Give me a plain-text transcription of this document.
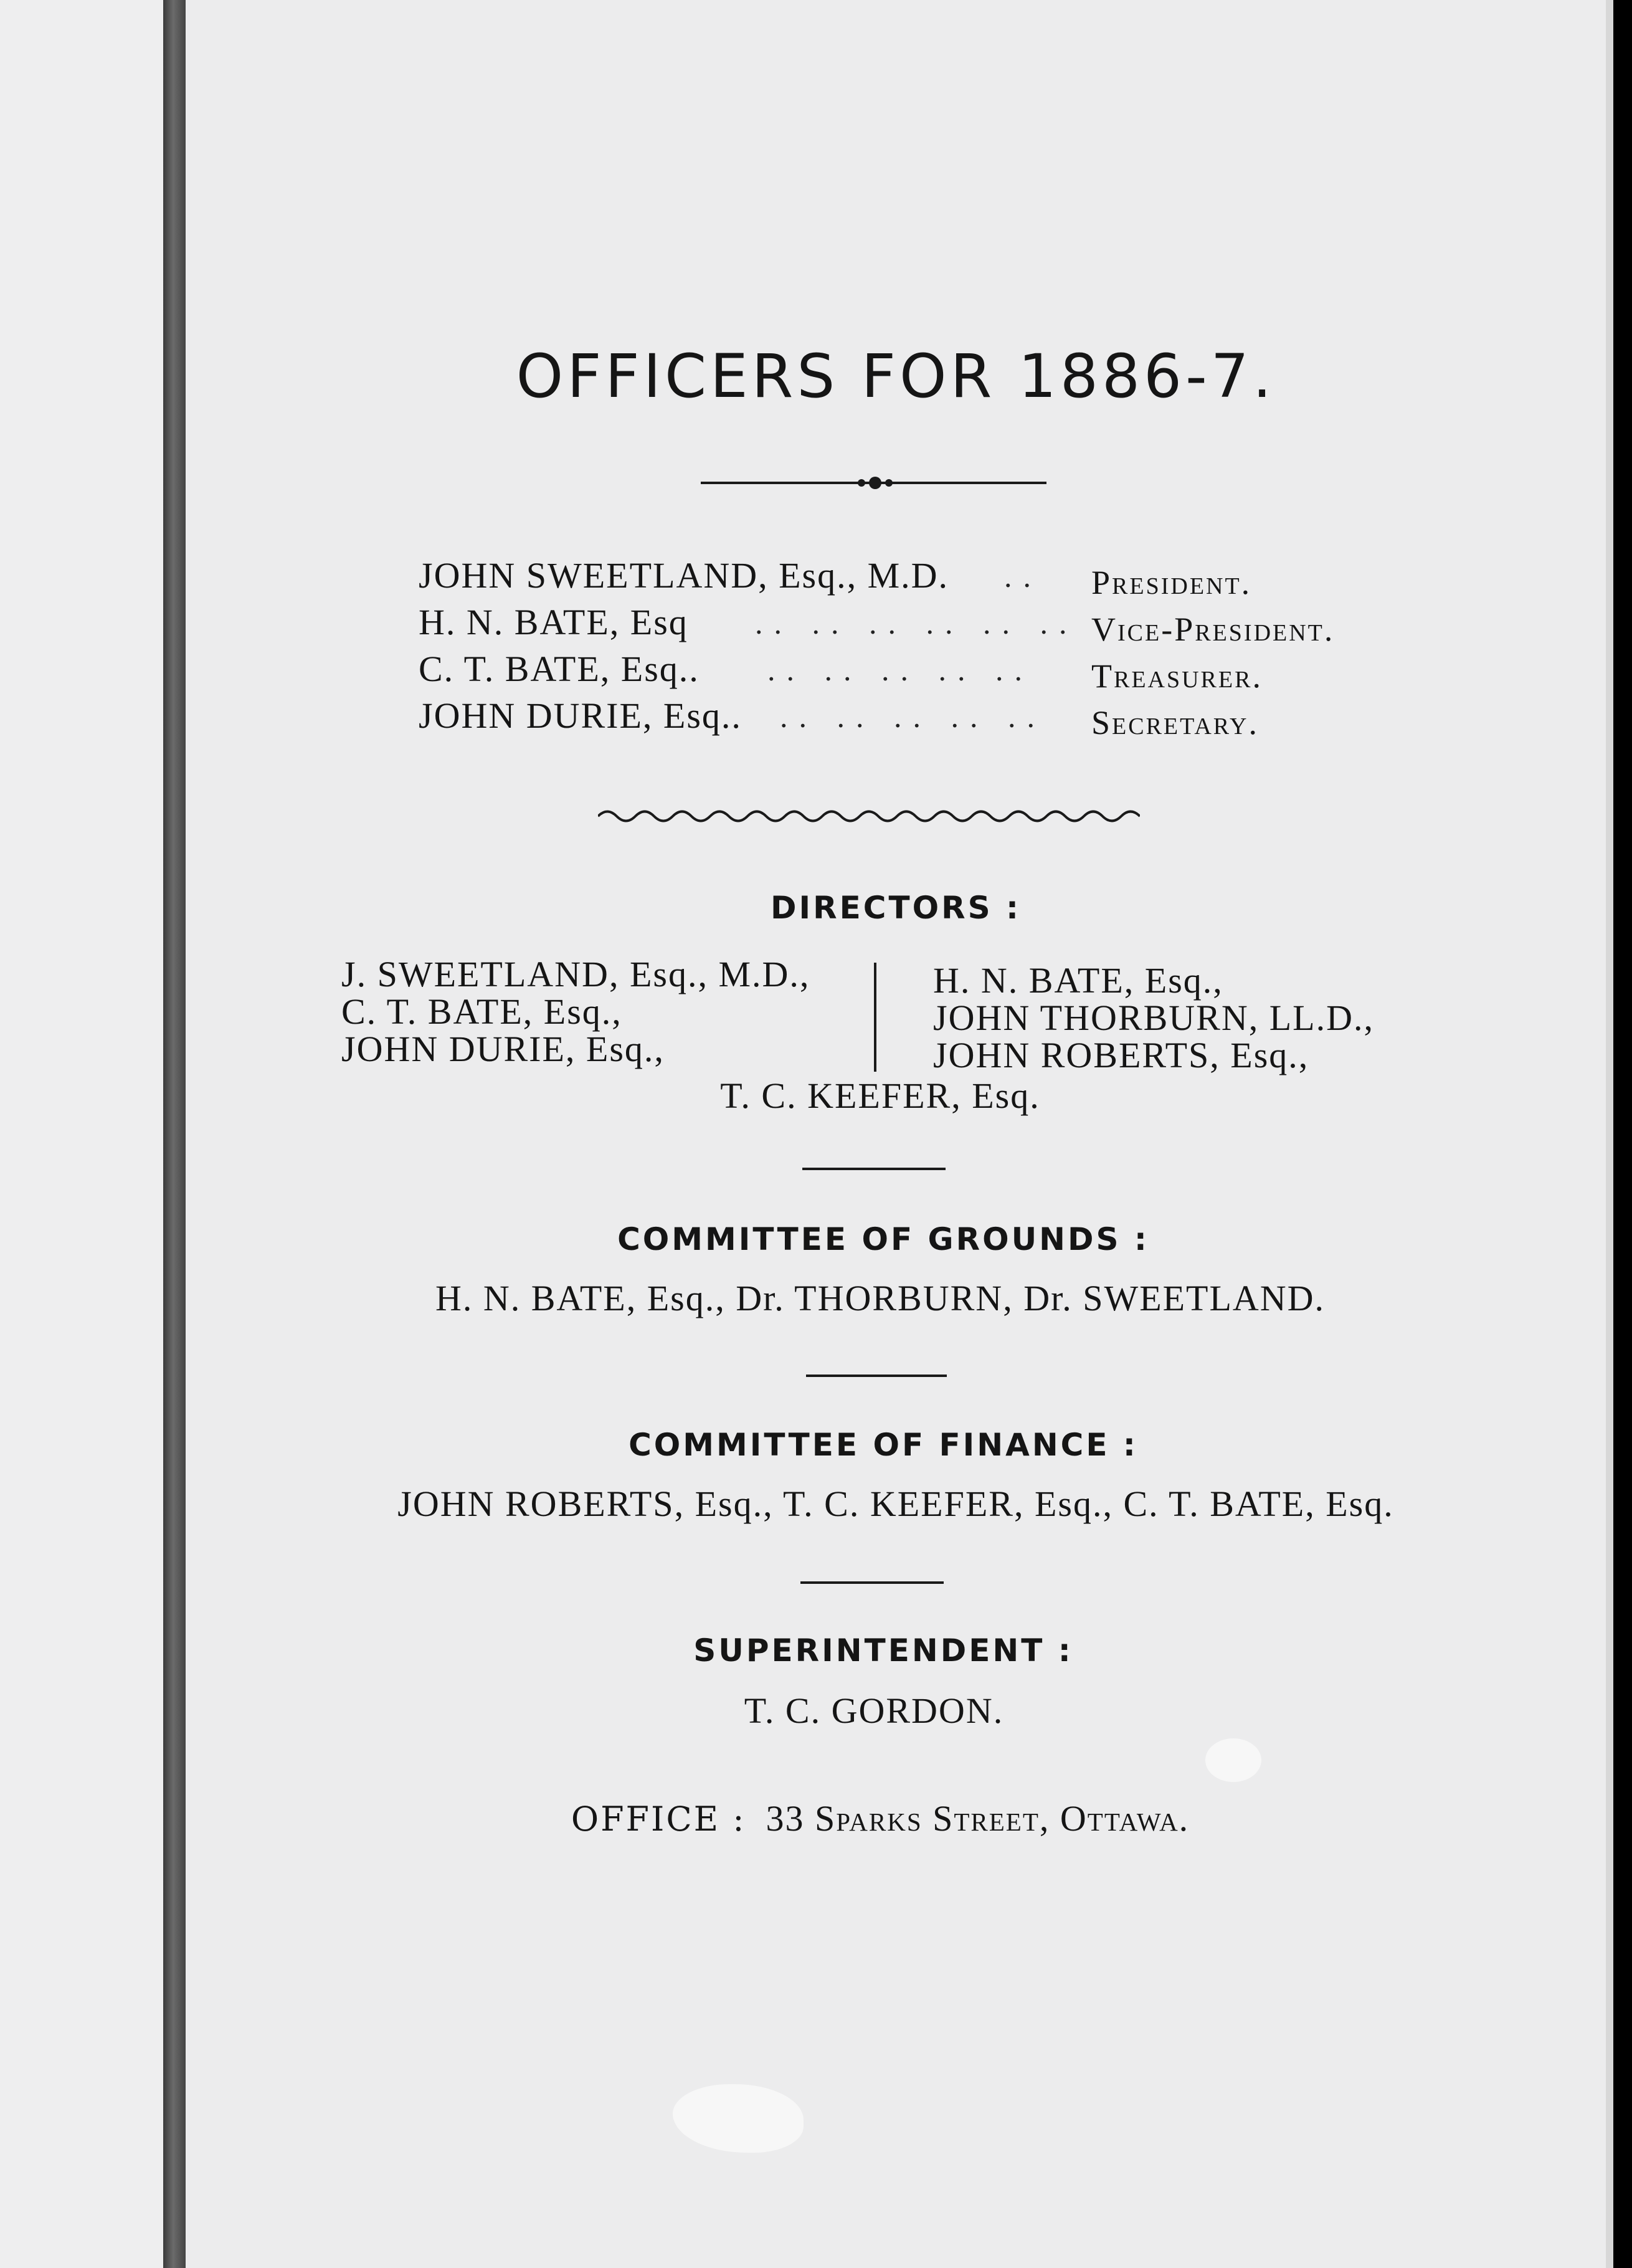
OFFICERS FOR 1886-7.
JOHN SWEETLAND, Esq., M.D. .. President.
H. N. BATE, Esq .. .. .. .. .. .. Vice-President.
C. T. BATE, Esq.. .. .. .. .. .. Treasurer.
JOHN DURIE, Esq.. .. .. .. .. .. Secretary.
DIRECTORS :
J. SWEETLAND, Esq., M.D.,
C. T. BATE, Esq.,
JOHN DURIE, Esq.,
H. N. BATE, Esq.,
JOHN THORBURN, LL.D.,
JOHN ROBERTS, Esq.,
T. C. KEEFER, Esq.
COMMITTEE OF GROUNDS :
H. N. BATE, Esq., Dr. THORBURN, Dr. SWEETLAND.
COMMITTEE OF FINANCE :
JOHN ROBERTS, Esq., T. C. KEEFER, Esq., C. T. BATE, Esq.
SUPERINTENDENT :
T. C. GORDON.
OFFICE : 33 Sparks Street, Ottawa.
